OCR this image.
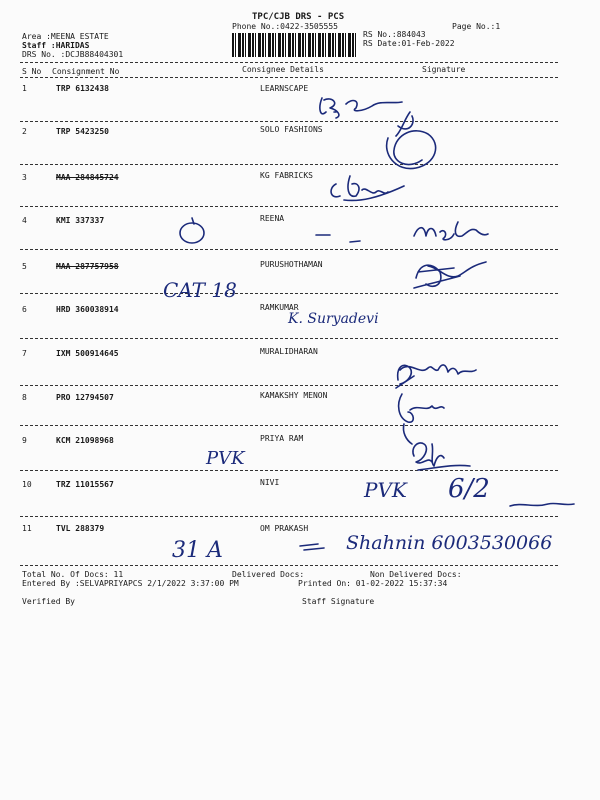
TPC/CJB DRS - PCS
Phone No.:0422-3505555	Page No.:1
Area :MEENA ESTATE
Staff :HARIDAS
DRS No. :DCJB88404301
RS No.:884043
RS Date:01-Feb-2022
S No Consignment No	Consignee Details	Signature
1	TRP 6132438	LEARNSCAPE
2	TRP 5423250	SOLO FASHIONS
3	MAA 284845724	KG FABRICKS
4	KMI 337337	REENA
5	MAA 287757958	PURUSHOTHAMAN
6	HRD 360038914	RAMKUMAR
7	IXM 500914645	MURALIDHARAN
8	PRO 12794507	KAMAKSHY MENON
9	KCM 21098968	PRIYA RAM
10	TRZ 11015567	NIVI
11	TVL 288379	OM PRAKASH
CAT 18
K. Suryadevi
PVK
PVK 6/2
31 A	Shahnin 6003530066
Total No. Of Docs: 11	Delivered Docs:	Non Delivered Docs:
Entered By :SELVAPRIYAPCS 2/1/2022 3:37:00 PM	Printed On: 01-02-2022 15:37:34
Verified By	Staff Signature
